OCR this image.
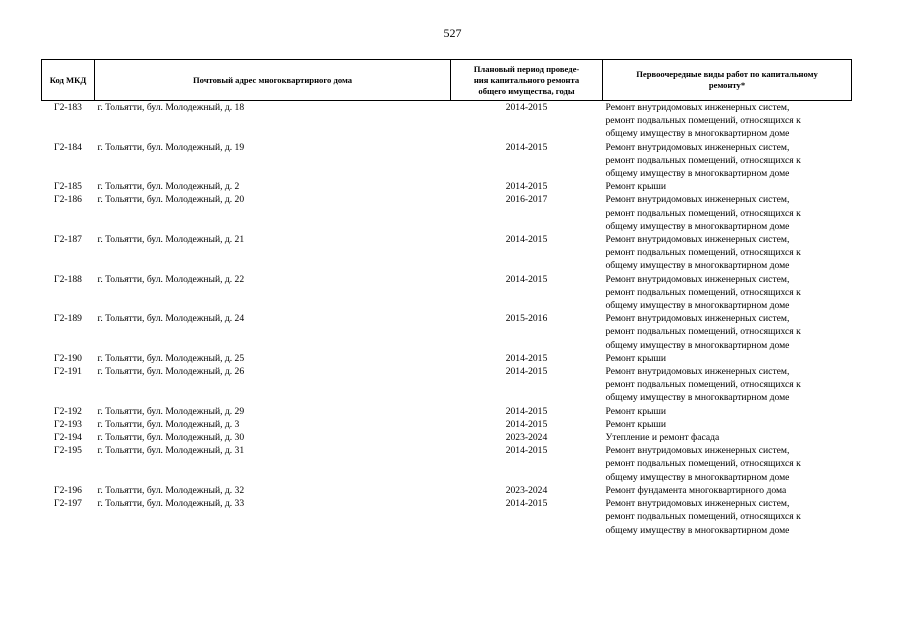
527
Код МКД	Почтовый адрес многоквартирного дома	Плановый период проведе-
ния капитального ремонта
общего имущества, годы	Первоочередные виды работ по капитальному
ремонту*
Г2-183	г. Тольятти, бул. Молодежный, д. 18	2014-2015	Ремонт внутридомовых инженерных систем,
ремонт подвальных помещений, относящихся к
общему имуществу в многоквартирном доме

Г2-184	г. Тольятти, бул. Молодежный, д. 19	2014-2015	Ремонт внутридомовых инженерных систем,
ремонт подвальных помещений, относящихся к
общему имуществу в многоквартирном доме

Г2-185	г. Тольятти, бул. Молодежный, д. 2	2014-2015	Ремонт крыши

Г2-186	г. Тольятти, бул. Молодежный, д. 20	2016-2017	Ремонт внутридомовых инженерных систем,
ремонт подвальных помещений, относящихся к
общему имуществу в многоквартирном доме

Г2-187	г. Тольятти, бул. Молодежный, д. 21	2014-2015	Ремонт внутридомовых инженерных систем,
ремонт подвальных помещений, относящихся к
общему имуществу в многоквартирном доме

Г2-188	г. Тольятти, бул. Молодежный, д. 22	2014-2015	Ремонт внутридомовых инженерных систем,
ремонт подвальных помещений, относящихся к
общему имуществу в многоквартирном доме

Г2-189	г. Тольятти, бул. Молодежный, д. 24	2015-2016	Ремонт внутридомовых инженерных систем,
ремонт подвальных помещений, относящихся к
общему имуществу в многоквартирном доме

Г2-190	г. Тольятти, бул. Молодежный, д. 25	2014-2015	Ремонт крыши

Г2-191	г. Тольятти, бул. Молодежный, д. 26	2014-2015	Ремонт внутридомовых инженерных систем,
ремонт подвальных помещений, относящихся к
общему имуществу в многоквартирном доме

Г2-192	г. Тольятти, бул. Молодежный, д. 29	2014-2015	Ремонт крыши

Г2-193	г. Тольятти, бул. Молодежный, д. 3	2014-2015	Ремонт крыши

Г2-194	г. Тольятти, бул. Молодежный, д. 30	2023-2024	Утепление и ремонт фасада

Г2-195	г. Тольятти, бул. Молодежный, д. 31	2014-2015	Ремонт внутридомовых инженерных систем,
ремонт подвальных помещений, относящихся к
общему имуществу в многоквартирном доме

Г2-196	г. Тольятти, бул. Молодежный, д. 32	2023-2024	Ремонт фундамента многоквартирного дома

Г2-197	г. Тольятти, бул. Молодежный, д. 33	2014-2015	Ремонт внутридомовых инженерных систем,
ремонт подвальных помещений, относящихся к
общему имуществу в многоквартирном доме
